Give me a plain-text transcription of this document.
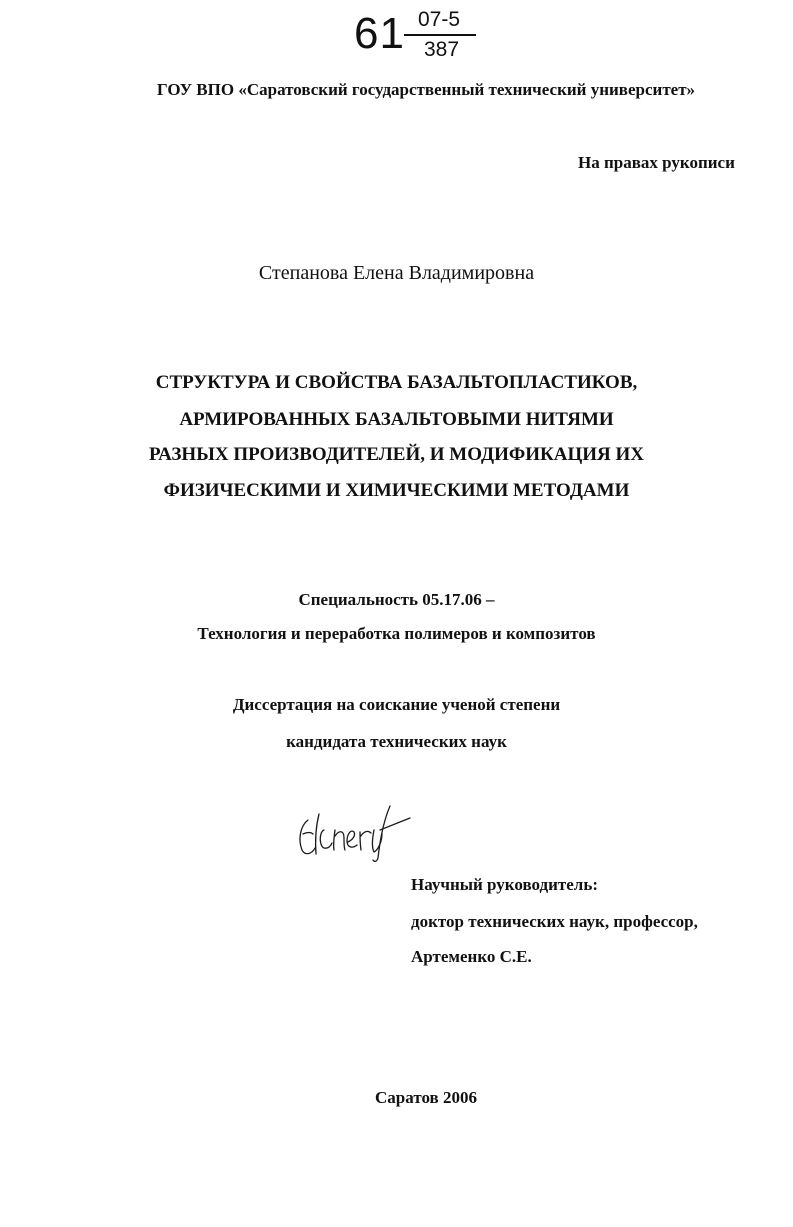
61 07-5
387
ГОУ ВПО «Саратовский государственный технический университет»
На правах рукописи
Степанова Елена Владимировна
СТРУКТУРА И СВОЙСТВА БАЗАЛЬТОПЛАСТИКОВ,
АРМИРОВАННЫХ БАЗАЛЬТОВЫМИ НИТЯМИ
РАЗНЫХ ПРОИЗВОДИТЕЛЕЙ, И МОДИФИКАЦИЯ ИХ
ФИЗИЧЕСКИМИ И ХИМИЧЕСКИМИ МЕТОДАМИ
Специальность 05.17.06 –
Технология и переработка полимеров и композитов
Диссертация на соискание ученой степени
кандидата технических наук
Научный руководитель:
доктор технических наук, профессор,
Артеменко С.Е.
Саратов 2006
